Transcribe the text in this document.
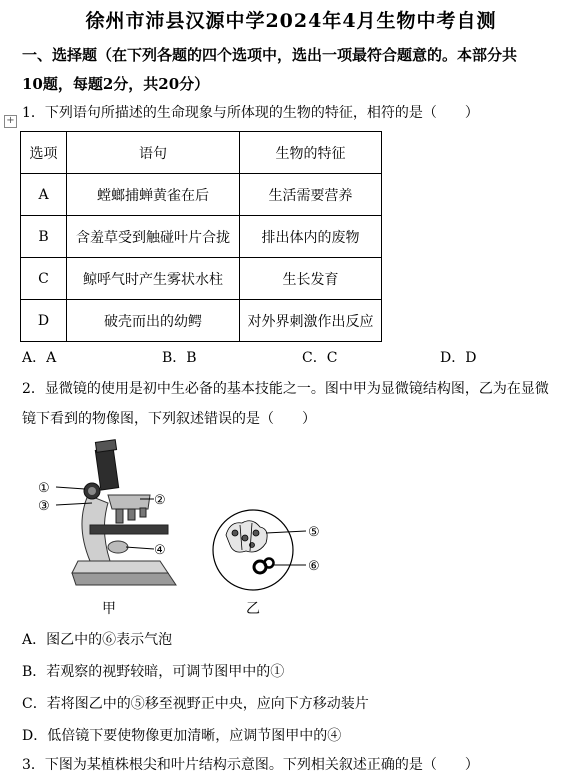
徐州市沛县汉源中学2024年4月生物中考自测
一、选择题（在下列各题的四个选项中，选出一项最符合题意的。本部分共
10题，每题2分，共20分）
1．下列语句所描述的生命现象与所体现的生物的特征，相符的是（　　）
+
选项	语句	生物的特征
A	螳螂捕蝉黄雀在后	生活需要营养
B	含羞草受到触碰叶片合拢	排出体内的废物
C	鲸呼气时产生雾状水柱	生长发育
D	破壳而出的幼鳄	对外界刺激作出反应
A．A	B．B	C．C	D．D
2．显微镜的使用是初中生必备的基本技能之一。图中甲为显微镜结构图，乙为在显微
镜下看到的物像图，下列叙述错误的是（　　）
①
③	②
④
⑤
⑥
甲	乙
A．图乙中的⑥表示气泡
B．若观察的视野较暗，可调节图甲中的①
C．若将图乙中的⑤移至视野正中央，应向下方移动装片
D．低倍镜下要使物像更加清晰，应调节图甲中的④
3．下图为某植株根尖和叶片结构示意图。下列相关叙述正确的是（　　）
